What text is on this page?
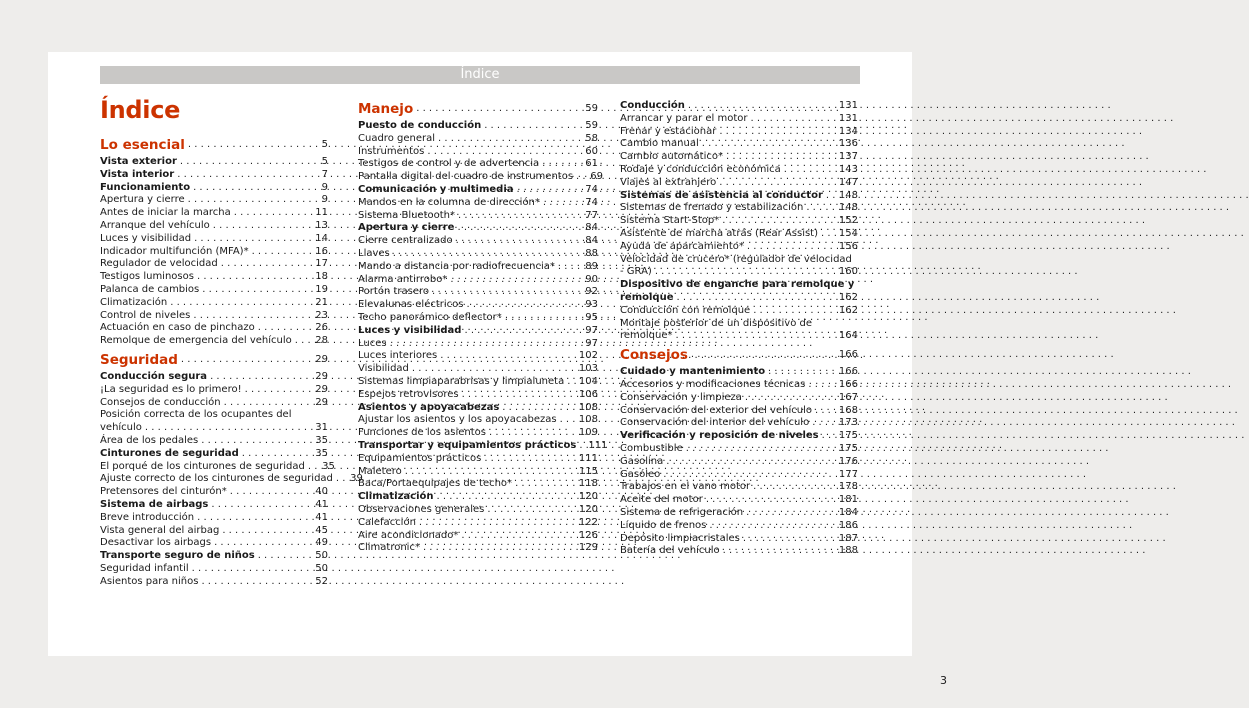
Índice
Índice
Lo esencial . . .	5
Vista exterior . . .	5
Vista interior . . .	7
Funcionamiento . . .	9
Apertura y cierre . . .	9
Antes de iniciar la marcha . . .	11
Arranque del vehículo . . .	13
Luces y visibilidad . . .	14
Indicador multifunción (MFA)* . . .	16
Regulador de velocidad . . .	17
Testigos luminosos . . .	18
Palanca de cambios . . .	19
Climatización . . .	21
Control de niveles . . .	23
Actuación en caso de pinchazo . . .	26
Remolque de emergencia del vehículo . . .	28
Seguridad . . .	29
Conducción segura . . .	29
¡La seguridad es lo primero! . . .	29
Consejos de conducción . . .	29
Posición correcta de los ocupantes del
vehículo . . .	31
Área de los pedales . . .	35
Cinturones de seguridad . . .	35
El porqué de los cinturones de seguridad . . .	35
Ajuste correcto de los cinturones de seguridad . . .	39
Pretensores del cinturón* . . .	40
Sistema de airbags . . .	41
Breve introducción . . .	41
Vista general del airbag . . .	45
Desactivar los airbags . . .	49
Transporte seguro de niños . . .	50
Seguridad infantil . . .	50
Asientos para niños . . .	52
Manejo . . .	59
Puesto de conducción . . .	59
Cuadro general . . .	58
Instrumentos . . .	60
Testigos de control y de advertencia . . .	61
Pantalla digital del cuadro de instrumentos . . .	69
Comunicación y multimedia . . .	74
Mandos en la columna de dirección* . . .	74
Sistema Bluetooth* . . .	77
Apertura y cierre . . .	84
Cierre centralizado . . .	84
Llaves . . .	88
Mando a distancia por radiofrecuencia* . . .	89
Alarma antirrobo* . . .	90
Portón trasero . . .	92
Elevalunas eléctricos . . .	93
Techo panorámico deflector* . . .	95
Luces y visibilidad . . .	97
Luces . . .	97
Luces interiores . . .	102
Visibilidad . . .	103
Sistemas limpiaparabrisas y limpialuneta . . . 104
Espejos retrovisores . . .	106
Asientos y apoyacabezas . . .	108
Ajustar los asientos y los apoyacabezas . . . 108
Funciones de los asientos . . .	109
Transportar y equipamientos prácticos . . . 111
Equipamientos prácticos . . .	111
Maletero . . .	115
Baca/Portaequipajes de techo* . . .	118
Climatización . . .	120
Observaciones generales . . .	120
Calefacción . . .	122
Aire acondicionado* . . .	126
Climatronic* . . .	129
Conducción . . .	131
Arrancar y parar el motor . . .	131
Frenar y estacionar . . .	134
Cambio manual . . .	136
Cambio automático* . . .	137
Rodaje y conducción económica . . .	143
Viajes al extranjero . . .	147
Sistemas de asistencia al conductor . . . 148
Sistemas de frenado y estabilización . . .	148
Sistema Start-Stop* . . .	152
Asistente de marcha atrás (Rear Assist) . . . 154
Ayuda de aparcamiento* . . .	156
Velocidad de crucero* (regulador de velocidad
- GRA) . . .	160
Dispositivo de enganche para remolque y
remolque . . .	162
Conducción con remolque . . .	162
Montaje posterior de un dispositivo de
remolque* . . .	164
Consejos . . .	166
Cuidado y mantenimiento . . .	166
Accesorios y modificaciones técnicas . . .	166
Conservación y limpieza . . .	167
Conservación del exterior del vehículo . . .	168
Conservación del interior del vehículo . . .	173
Verificación y reposición de niveles . . . 175
Combustible . . .	175
Gasolina . . .	176
Gasóleo . . .	177
Trabajos en el vano motor . . .	178
Aceite del motor . . .	181
Sistema de refrigeración . . .	184
Líquido de frenos . . .	186
Depósito limpiacristales . . .	187
Batería del vehículo . . .	188
3
